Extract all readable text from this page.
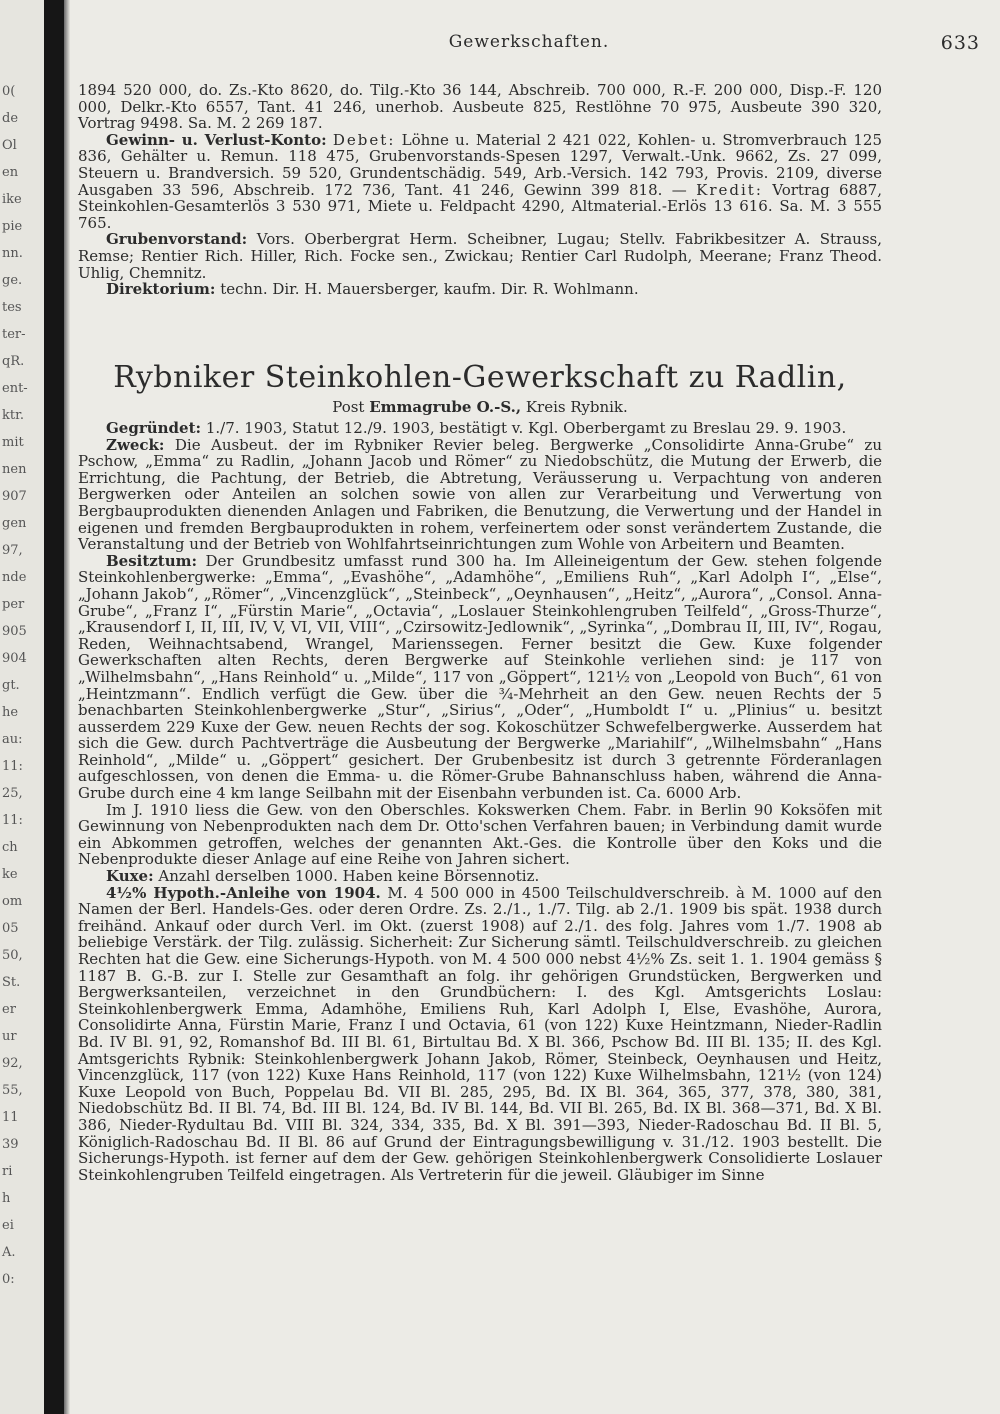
0(
de
Ol
en
ike
pie
nn.
ge.
tes
ter-
qR.
ent-
ktr.
mit
nen
907
gen
97,
nde
per
905
904
gt.
he
au:
11:
25,
11:
ch
ke
om
05
50,
St.
er
ur
92,
55,
11
39
ri
h
ei
A.
0:
Gewerkschaften.	633

1894 520 000, do. Zs.-Kto 8620, do. Tilg.-Kto 36 144, Abschreib. 700 000, R.-F. 200 000, Disp.-F. 120 000, Delkr.-Kto 6557, Tant. 41 246, unerhob. Ausbeute 825, Restlöhne 70 975, Ausbeute 390 320, Vortrag 9498. Sa. M. 2 269 187.

Gewinn- u. Verlust-Konto: Debet: Löhne u. Material 2 421 022, Kohlen- u. Stromverbrauch 125 836, Gehälter u. Remun. 118 475, Grubenvorstands-Spesen 1297, Verwalt.-Unk. 9662, Zs. 27 099, Steuern u. Brandversich. 59 520, Grundentschädig. 549, Arb.-Versich. 142 793, Provis. 2109, diverse Ausgaben 33 596, Abschreib. 172 736, Tant. 41 246, Gewinn 399 818. — Kredit: Vortrag 6887, Steinkohlen-Gesamterlös 3 530 971, Miete u. Feldpacht 4290, Altmaterial.-Erlös 13 616. Sa. M. 3 555 765.

Grubenvorstand: Vors. Oberbergrat Herm. Scheibner, Lugau; Stellv. Fabrikbesitzer A. Strauss, Remse; Rentier Rich. Hiller, Rich. Focke sen., Zwickau; Rentier Carl Rudolph, Meerane; Franz Theod. Uhlig, Chemnitz.

Direktorium: techn. Dir. H. Mauersberger, kaufm. Dir. R. Wohlmann.

Rybniker Steinkohlen-Gewerkschaft zu Radlin,
Post Emmagrube O.-S., Kreis Rybnik.

Gegründet: 1./7. 1903, Statut 12./9. 1903, bestätigt v. Kgl. Oberbergamt zu Breslau 29. 9. 1903.

Zweck: Die Ausbeut. der im Rybniker Revier beleg. Bergwerke „Consolidirte Anna-Grube“ zu Pschow, „Emma“ zu Radlin, „Johann Jacob und Römer“ zu Niedobschütz, die Mutung der Erwerb, die Errichtung, die Pachtung, der Betrieb, die Abtretung, Veräusserung u. Verpachtung von anderen Bergwerken oder Anteilen an solchen sowie von allen zur Verarbeitung und Verwertung von Bergbauprodukten dienenden Anlagen und Fabriken, die Benutzung, die Verwertung und der Handel in eigenen und fremden Bergbauprodukten in rohem, verfeinertem oder sonst verändertem Zustande, die Veranstaltung und der Betrieb von Wohlfahrtseinrichtungen zum Wohle von Arbeitern und Beamten.

Besitztum: Der Grundbesitz umfasst rund 300 ha. Im Alleineigentum der Gew. stehen folgende Steinkohlenbergwerke: „Emma“, „Evashöhe“, „Adamhöhe“, „Emiliens Ruh“, „Karl Adolph I“, „Else“, „Johann Jakob“, „Römer“, „Vincenzglück“, „Steinbeck“, „Oeynhausen“, „Heitz“, „Aurora“, „Consol. Anna-Grube“, „Franz I“, „Fürstin Marie“, „Octavia“, „Loslauer Steinkohlengruben Teilfeld“, „Gross-Thurze“, „Krausendorf I, II, III, IV, V, VI, VII, VIII“, „Czirsowitz-Jedlownik“, „Syrinka“, „Dombrau II, III, IV“, Rogau, Reden, Weihnachtsabend, Wrangel, Marienssegen. Ferner besitzt die Gew. Kuxe folgender Gewerkschaften alten Rechts, deren Bergwerke auf Steinkohle verliehen sind: je 117 von „Wilhelmsbahn“, „Hans Reinhold“ u. „Milde“, 117 von „Göppert“, 121½ von „Leopold von Buch“, 61 von „Heintzmann“. Endlich verfügt die Gew. über die ¾-Mehrheit an den Gew. neuen Rechts der 5 benachbarten Steinkohlenbergwerke „Stur“, „Sirius“, „Oder“, „Humboldt I“ u. „Plinius“ u. besitzt ausserdem 229 Kuxe der Gew. neuen Rechts der sog. Kokoschützer Schwefelbergwerke. Ausserdem hat sich die Gew. durch Pachtverträge die Ausbeutung der Bergwerke „Mariahilf“, „Wilhelmsbahn“ „Hans Reinhold“, „Milde“ u. „Göppert“ gesichert. Der Grubenbesitz ist durch 3 getrennte Förderanlagen aufgeschlossen, von denen die Emma- u. die Römer-Grube Bahnanschluss haben, während die Anna-Grube durch eine 4 km lange Seilbahn mit der Eisenbahn verbunden ist. Ca. 6000 Arb.

Im J. 1910 liess die Gew. von den Oberschles. Kokswerken Chem. Fabr. in Berlin 90 Koksöfen mit Gewinnung von Nebenprodukten nach dem Dr. Otto'schen Verfahren bauen; in Verbindung damit wurde ein Abkommen getroffen, welches der genannten Akt.-Ges. die Kontrolle über den Koks und die Nebenprodukte dieser Anlage auf eine Reihe von Jahren sichert.

Kuxe: Anzahl derselben 1000. Haben keine Börsennotiz.

4½% Hypoth.-Anleihe von 1904. M. 4 500 000 in 4500 Teilschuldverschreib. à M. 1000 auf den Namen der Berl. Handels-Ges. oder deren Ordre. Zs. 2./1., 1./7. Tilg. ab 2./1. 1909 bis spät. 1938 durch freihänd. Ankauf oder durch Verl. im Okt. (zuerst 1908) auf 2./1. des folg. Jahres vom 1./7. 1908 ab beliebige Verstärk. der Tilg. zulässig. Sicherheit: Zur Sicherung sämtl. Teilschuldverschreib. zu gleichen Rechten hat die Gew. eine Sicherungs-Hypoth. von M. 4 500 000 nebst 4½% Zs. seit 1. 1. 1904 gemäss § 1187 B. G.-B. zur I. Stelle zur Gesamthaft an folg. ihr gehörigen Grundstücken, Bergwerken und Bergwerksanteilen, verzeichnet in den Grundbüchern: I. des Kgl. Amtsgerichts Loslau: Steinkohlenbergwerk Emma, Adamhöhe, Emiliens Ruh, Karl Adolph I, Else, Evashöhe, Aurora, Consolidirte Anna, Fürstin Marie, Franz I und Octavia, 61 (von 122) Kuxe Heintzmann, Nieder-Radlin Bd. IV Bl. 91, 92, Romanshof Bd. III Bl. 61, Birtultau Bd. X Bl. 366, Pschow Bd. III Bl. 135; II. des Kgl. Amtsgerichts Rybnik: Steinkohlenbergwerk Johann Jakob, Römer, Steinbeck, Oeynhausen und Heitz, Vincenzglück, 117 (von 122) Kuxe Hans Reinhold, 117 (von 122) Kuxe Wilhelmsbahn, 121½ (von 124) Kuxe Leopold von Buch, Poppelau Bd. VII Bl. 285, 295, Bd. IX Bl. 364, 365, 377, 378, 380, 381, Niedobschütz Bd. II Bl. 74, Bd. III Bl. 124, Bd. IV Bl. 144, Bd. VII Bl. 265, Bd. IX Bl. 368—371, Bd. X Bl. 386, Nieder-Rydultau Bd. VIII Bl. 324, 334, 335, Bd. X Bl. 391—393, Nieder-Radoschau Bd. II Bl. 5, Königlich-Radoschau Bd. II Bl. 86 auf Grund der Eintragungsbewilligung v. 31./12. 1903 bestellt. Die Sicherungs-Hypoth. ist ferner auf dem der Gew. gehörigen Steinkohlenbergwerk Consolidierte Loslauer Steinkohlengruben Teilfeld eingetragen. Als Vertreterin für die jeweil. Gläubiger im Sinne
